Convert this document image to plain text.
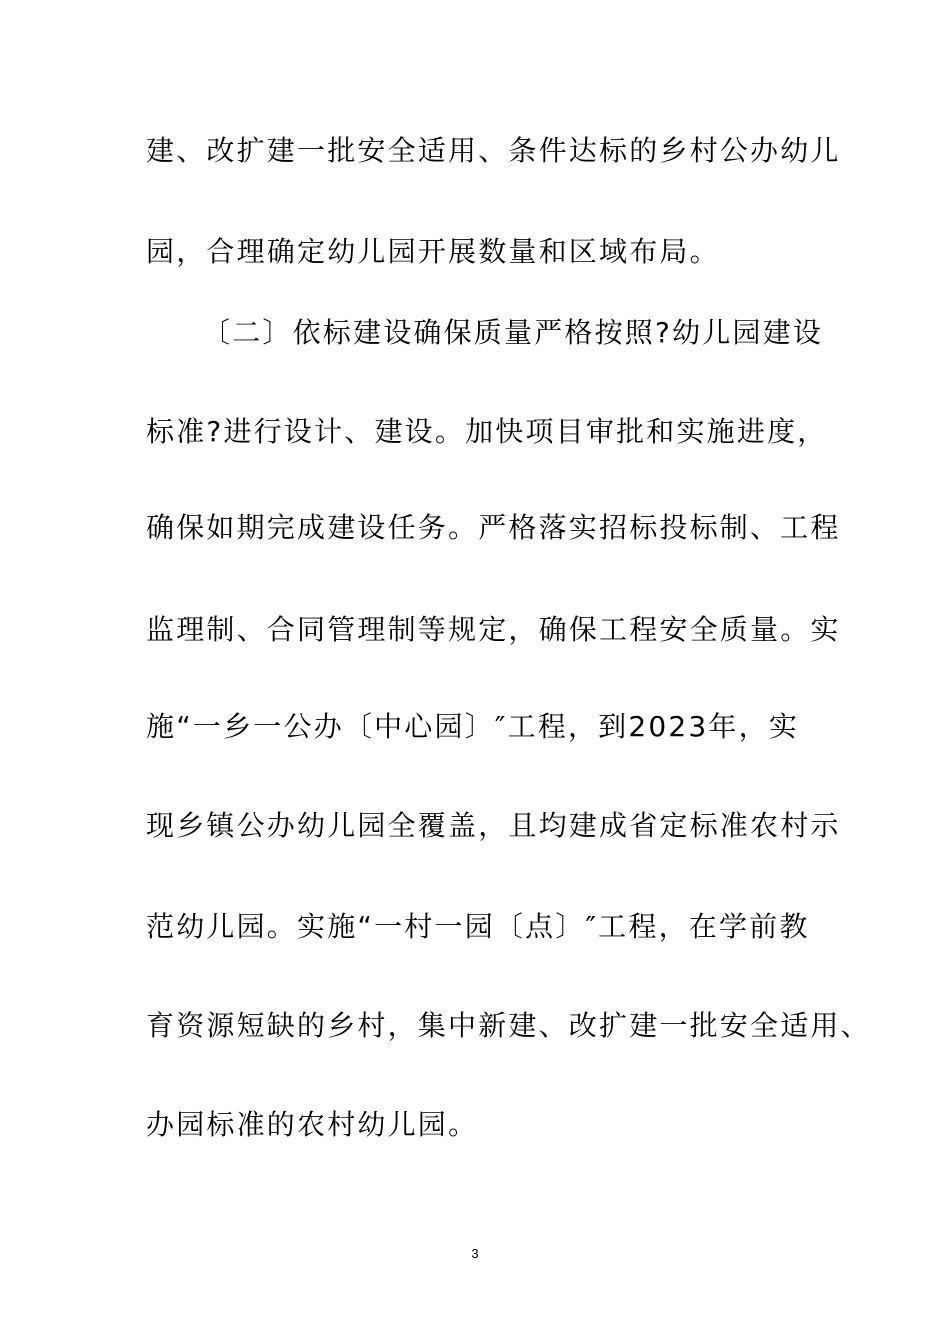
建、改扩建一批安全适用、条件达标的乡村公办幼儿
园，合理确定幼儿园开展数量和区域布局。
〔二〕依标建设确保质量严格按照?幼儿园建设
标准?进行设计、建设。加快项目审批和实施进度，
确保如期完成建设任务。严格落实招标投标制、工程
监理制、合同管理制等规定，确保工程安全质量。实
施“一乡一公办〔中心园〕″工程，到2023年，实
现乡镇公办幼儿园全覆盖，且均建成省定标准农村示
范幼儿园。实施“一村一园〔点〕″工程，在学前教
育资源短缺的乡村，集中新建、改扩建一批安全适用、
办园标准的农村幼儿园。
3
